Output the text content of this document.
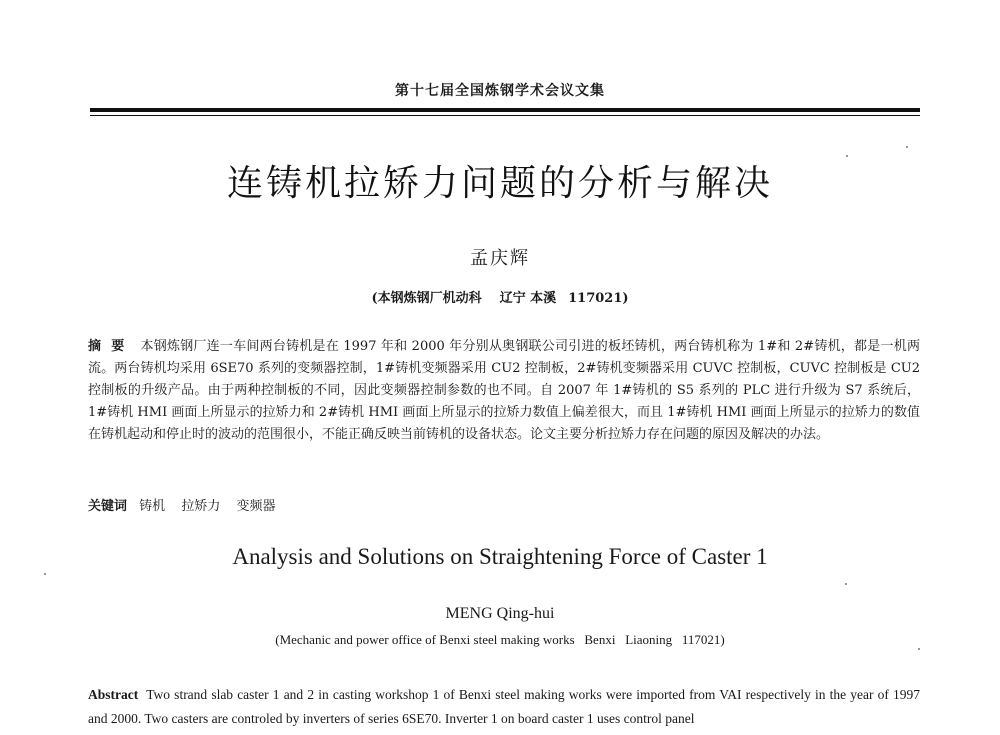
第十七届全国炼钢学术会议文集
连铸机拉矫力问题的分析与解决
孟庆辉
(本钢炼钢厂机动科 辽宁 本溪 117021)
摘要 本钢炼钢厂连一车间两台铸机是在 1997 年和 2000 年分别从奥钢联公司引进的板坯铸机，两台铸机称为 1#和 2#铸机，都是一机两流。两台铸机均采用 6SE70 系列的变频器控制，1#铸机变频器采用 CU2 控制板，2#铸机变频器采用 CUVC 控制板，CUVC 控制板是 CU2 控制板的升级产品。由于两种控制板的不同，因此变频器控制参数的也不同。自 2007 年 1#铸机的 S5 系列的 PLC 进行升级为 S7 系统后，1#铸机 HMI 画面上所显示的拉矫力和 2#铸机 HMI 画面上所显示的拉矫力数值上偏差很大，而且 1#铸机 HMI 画面上所显示的拉矫力的数值在铸机起动和停止时的波动的范围很小，不能正确反映当前铸机的设备状态。论文主要分析拉矫力存在问题的原因及解决的办法。
关键词 铸机 拉矫力 变频器
Analysis and Solutions on Straightening Force of Caster 1
MENG Qing-hui
(Mechanic and power office of Benxi steel making works   Benxi   Liaoning   117021)
Abstract Two strand slab caster 1 and 2 in casting workshop 1 of Benxi steel making works were imported from VAI respectively in the year of 1997 and 2000. Two casters are controled by inverters of series 6SE70. Inverter 1 on board caster 1 uses control panel
